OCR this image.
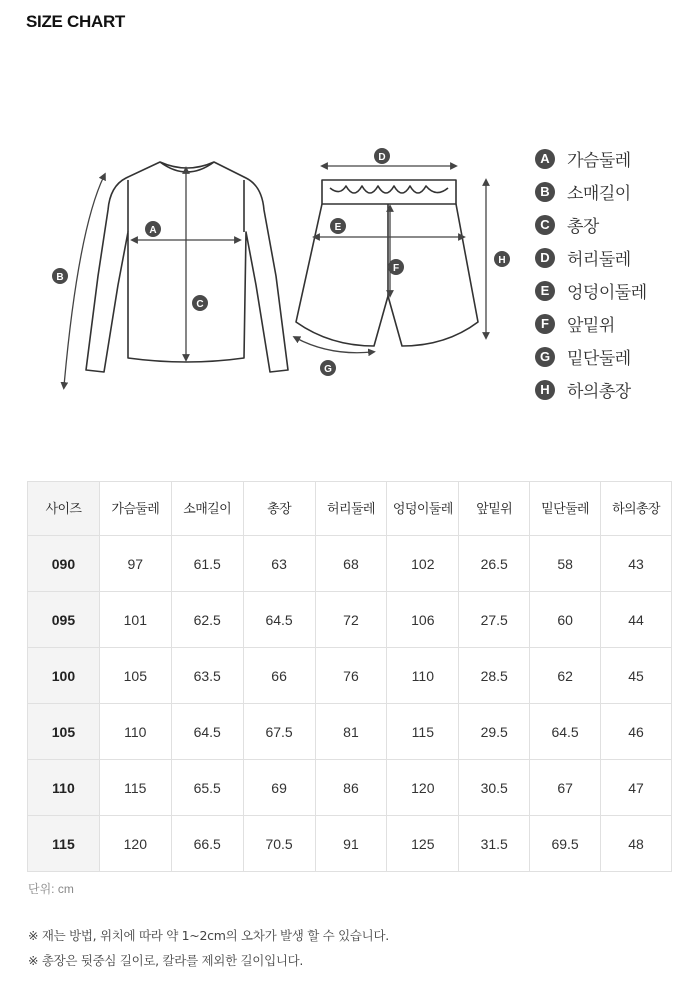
SIZE CHART
A
B
C
D
E
F
G
H
A	가슴둘레
B	소매길이
C	총장
D	허리둘레
E	엉덩이둘레
F	앞밑위
G 밑단둘레
H	하의총장
사이즈	가슴둘레	소매길이	총장	허리둘레	엉덩이둘레	앞밑위	밑단둘레	하의총장
090	97	61.5	63	68	102	26.5	58	43
095	101	62.5	64.5	72	106	27.5	60	44
100	105	63.5	66	76	110	28.5	62	45
105	110	64.5	67.5	81	115	29.5	64.5	46
110	115	65.5	69	86	120	30.5	67	47
115	120	66.5	70.5	91	125	31.5	69.5	48
단위: cm
※ 재는 방법, 위치에 따라 약 1~2cm의 오차가 발생 할 수 있습니다.
※ 총장은 뒷중심 길이로, 칼라를 제외한 길이입니다.
